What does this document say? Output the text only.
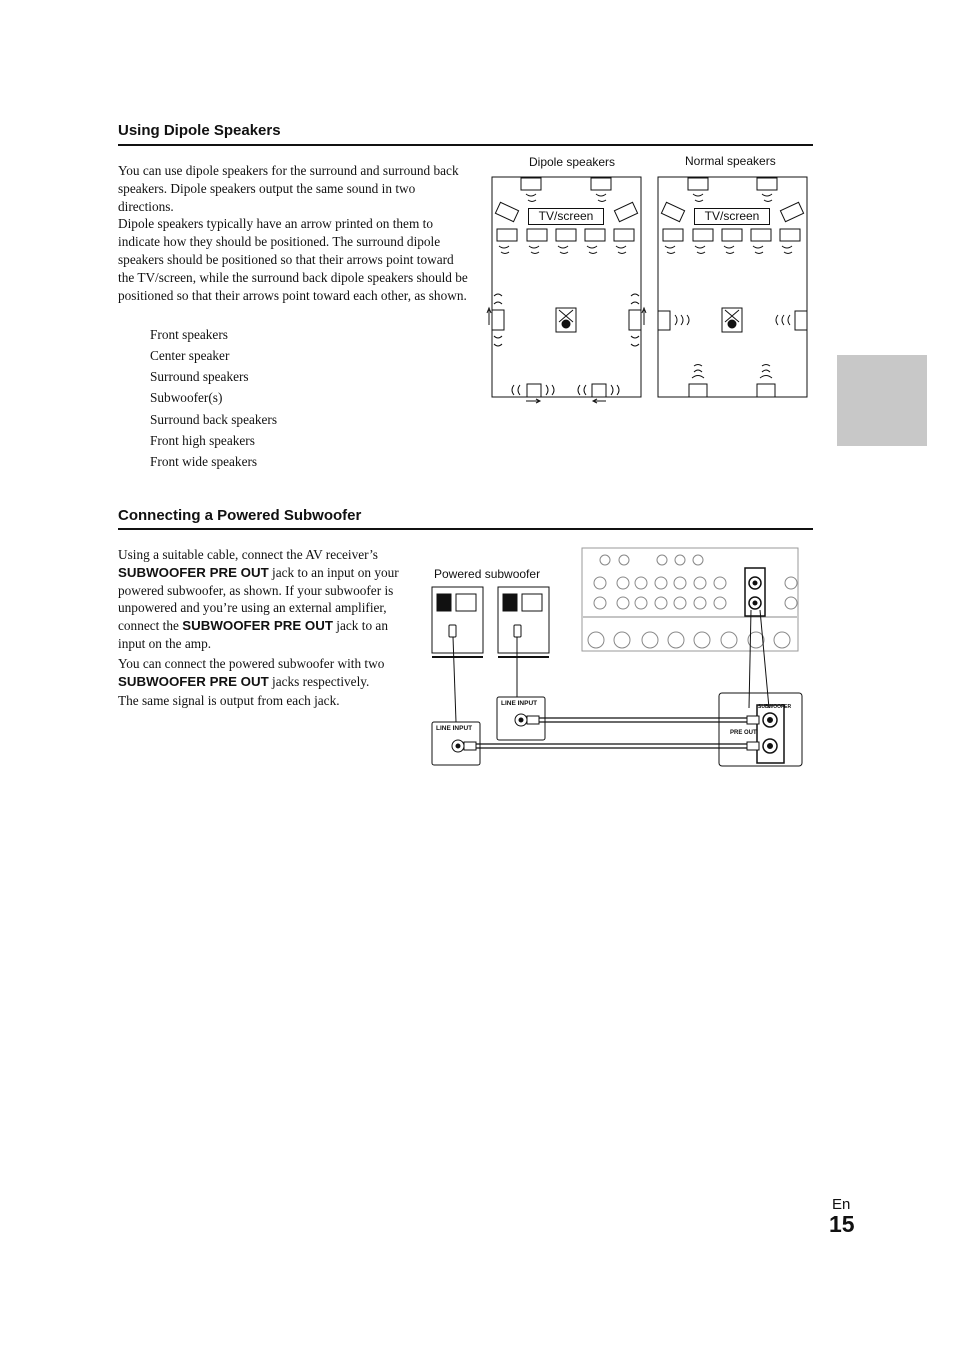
Using Dipole Speakers

You can use dipole speakers for the surround and surround back speakers. Dipole speakers output the same sound in two directions.

Dipole speakers typically have an arrow printed on them to indicate how they should be positioned. The surround dipole speakers should be positioned so that their arrows point toward the TV/screen, while the surround back dipole speakers should be positioned so that their arrows point toward each other, as shown.

Front speakers
Center speaker
Surround speakers
Subwoofer(s)
Surround back speakers
Front high speakers
Front wide speakers
Dipole speakers	Normal speakers
TV/screen	TV/screen
Connecting a Powered Subwoofer

Using a suitable cable, connect the AV receiver’s SUBWOOFER PRE OUT jack to an input on your powered subwoofer, as shown. If your subwoofer is unpowered and you’re using an external amplifier, connect the SUBWOOFER PRE OUT jack to an input on the amp.

You can connect the powered subwoofer with two SUBWOOFER PRE OUT jacks respectively.

The same signal is output from each jack.

Powered subwoofer
LINE INPUT
LINE INPUT	SUBWOOFER
PRE OUT
En
15
